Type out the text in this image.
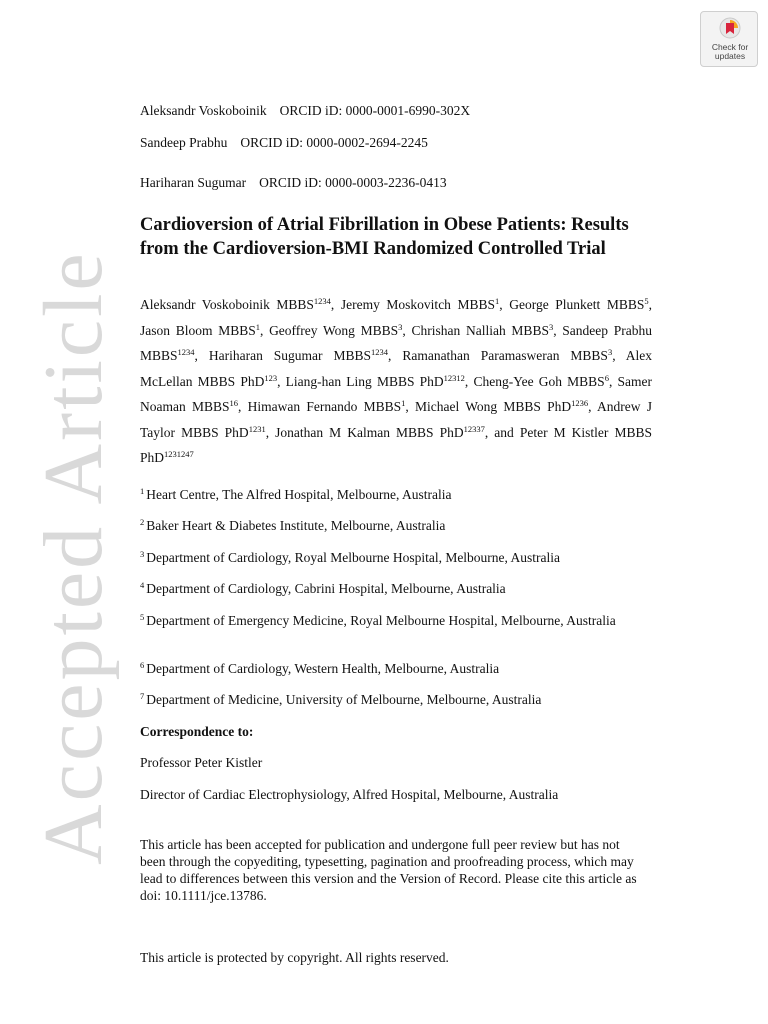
Accepted Article
Check for
updates
Aleksandr Voskoboinik ORCID iD: 0000-0001-6990-302X
Sandeep Prabhu ORCID iD: 0000-0002-2694-2245
Hariharan Sugumar ORCID iD: 0000-0003-2236-0413
Cardioversion of Atrial Fibrillation in Obese Patients: Results from the Cardioversion-BMI Randomized Controlled Trial
Aleksandr Voskoboinik $MBBS^{1234}$, Jeremy Moskovitch MBBS$^1$, George Plunkett MBBS$^5$, Jason Bloom MBBS$^1$, Geoffrey Wong MBBS$^3$, Chrishan Nalliah MBBS$^3$, Sandeep Prabhu $MBBS^{1234}$, Hariharan Sugumar $MBBS^{1234}$, Ramanathan Paramasweran MBBS$^3$, Alex McLellan MBBS PhD$^{123}$, Liang-han Ling MBBS PhD$^{12312}$, Cheng-Yee Goh MBBS$^6$, Samer Noaman MBBS$^{16}$, Himawan Fernando MBBS$^1$, Michael Wong MBBS PhD$^{1236}$, Andrew J Taylor MBBS PhD$^{1231}$, Jonathan M Kalman MBBS PhD$^{12337}$, and Peter M Kistler MBBS PhD$^{1231247}$
$^1$ Heart Centre, The Alfred Hospital, Melbourne, Australia
$^2$ Baker Heart & Diabetes Institute, Melbourne, Australia
$^3$ Department of Cardiology, Royal Melbourne Hospital, Melbourne, Australia
$^4$ Department of Cardiology, Cabrini Hospital, Melbourne, Australia
$^5$ Department of Emergency Medicine, Royal Melbourne Hospital, Melbourne, Australia
$^6$ Department of Cardiology, Western Health, Melbourne, Australia
$^7$ Department of Medicine, University of Melbourne, Melbourne, Australia
Correspondence to:
Professor Peter Kistler
Director of Cardiac Electrophysiology, Alfred Hospital, Melbourne, Australia
This article has been accepted for publication and undergone full peer review but has not been through the copyediting, typesetting, pagination and proofreading process, which may lead to differences between this version and the Version of Record. Please cite this article as doi: 10.1111/jce.13786.
This article is protected by copyright. All rights reserved.
